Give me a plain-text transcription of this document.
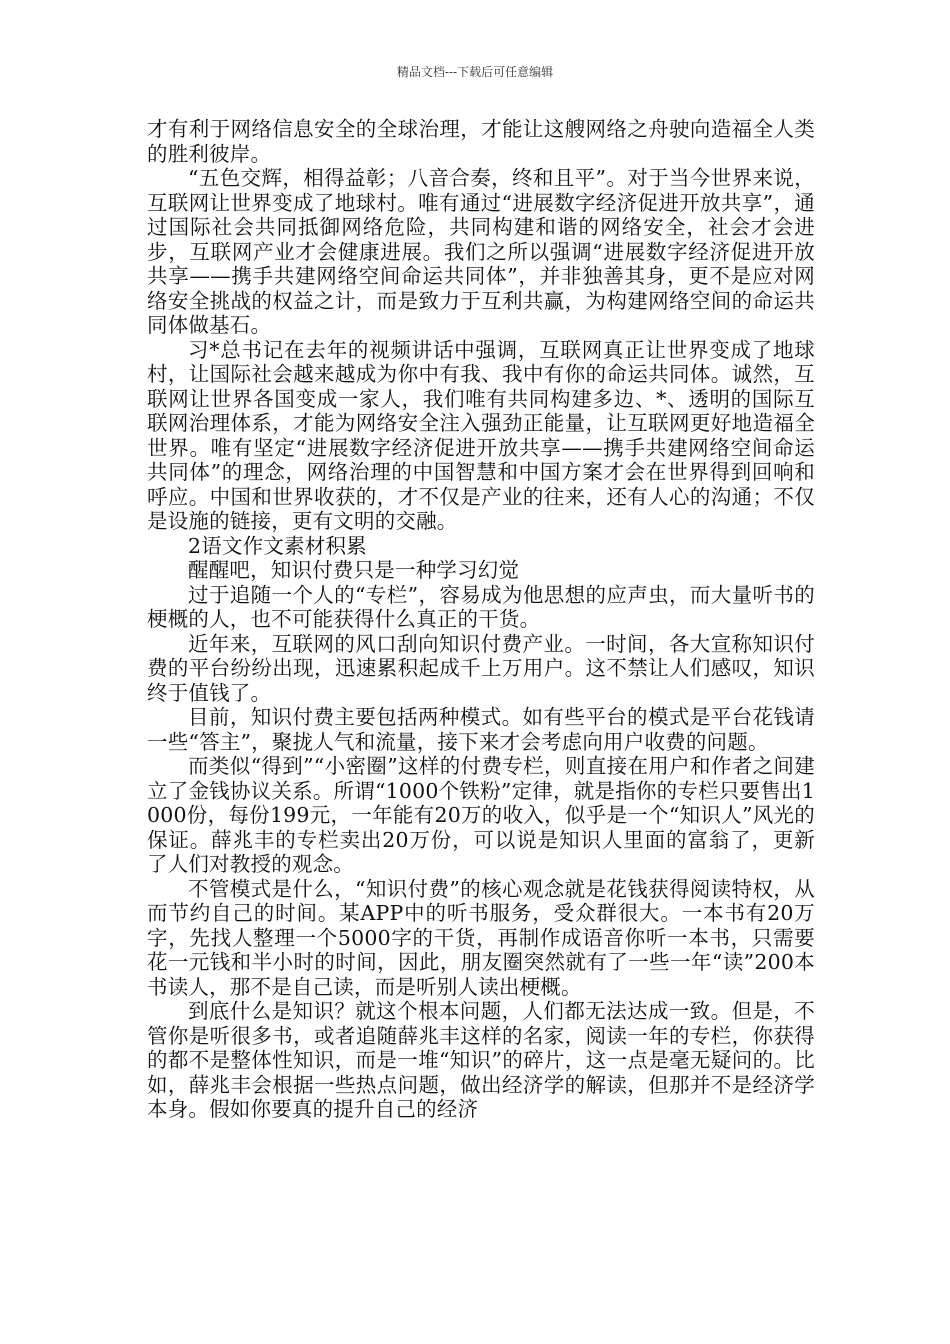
精品文档---下载后可任意编辑

才有利于网络信息安全的全球治理，才能让这艘网络之舟驶向造福全人类的胜利彼岸。

“五色交辉，相得益彰；八音合奏，终和且平”。对于当今世界来说，互联网让世界变成了地球村。唯有通过“进展数字经济促进开放共享”，通过国际社会共同抵御网络危险，共同构建和谐的网络安全，社会才会进步，互联网产业才会健康进展。我们之所以强调“进展数字经济促进开放共享——携手共建网络空间命运共同体”，并非独善其身，更不是应对网络安全挑战的权益之计，而是致力于互利共赢，为构建网络空间的命运共同体做基石。

习*总书记在去年的视频讲话中强调，互联网真正让世界变成了地球村，让国际社会越来越成为你中有我、我中有你的命运共同体。诚然，互联网让世界各国变成一家人，我们唯有共同构建多边、*、透明的国际互联网治理体系，才能为网络安全注入强劲正能量，让互联网更好地造福全世界。唯有坚定“进展数字经济促进开放共享——携手共建网络空间命运共同体”的理念，网络治理的中国智慧和中国方案才会在世界得到回响和呼应。中国和世界收获的，才不仅是产业的往来，还有人心的沟通；不仅是设施的链接，更有文明的交融。

2语文作文素材积累

醒醒吧，知识付费只是一种学习幻觉

过于追随一个人的“专栏”，容易成为他思想的应声虫，而大量听书的梗概的人，也不可能获得什么真正的干货。

近年来，互联网的风口刮向知识付费产业。一时间，各大宣称知识付费的平台纷纷出现，迅速累积起成千上万用户。这不禁让人们感叹，知识终于值钱了。

目前，知识付费主要包括两种模式。如有些平台的模式是平台花钱请一些“答主”，聚拢人气和流量，接下来才会考虑向用户收费的问题。

而类似“得到”“小密圈”这样的付费专栏，则直接在用户和作者之间建立了金钱协议关系。所谓“1000个铁粉”定律，就是指你的专栏只要售出1000份，每份199元，一年能有20万的收入，似乎是一个“知识人”风光的保证。薛兆丰的专栏卖出20万份，可以说是知识人里面的富翁了，更新了人们对教授的观念。

不管模式是什么，“知识付费”的核心观念就是花钱获得阅读特权，从而节约自己的时间。某APP中的听书服务，受众群很大。一本书有20万字，先找人整理一个5000字的干货，再制作成语音你听一本书，只需要花一元钱和半小时的时间，因此，朋友圈突然就有了一些一年“读”200本书读人，那不是自己读，而是听别人读出梗概。

到底什么是知识？就这个根本问题，人们都无法达成一致。但是，不管你是听很多书，或者追随薛兆丰这样的名家，阅读一年的专栏，你获得的都不是整体性知识，而是一堆“知识”的碎片，这一点是毫无疑问的。比如，薛兆丰会根据一些热点问题，做出经济学的解读，但那并不是经济学本身。假如你要真的提升自己的经济
